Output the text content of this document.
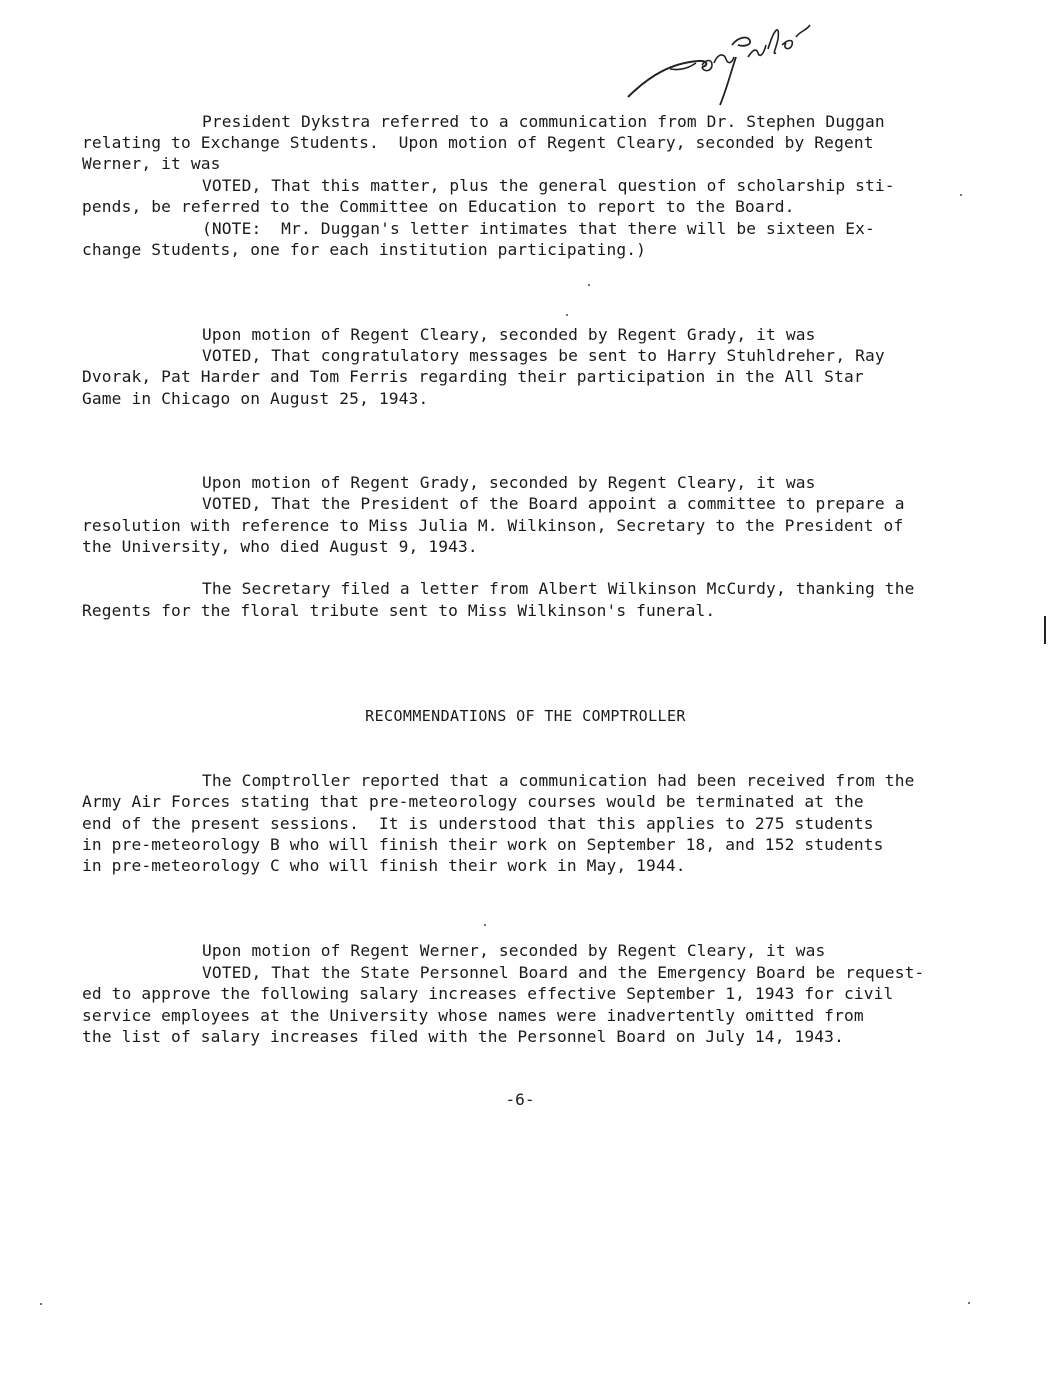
President Dykstra referred to a communication from Dr. Stephen Duggan
relating to Exchange Students.  Upon motion of Regent Cleary, seconded by Regent
Werner, it was
VOTED, That this matter, plus the general question of scholarship sti-
pends, be referred to the Committee on Education to report to the Board.
(NOTE:  Mr. Duggan's letter intimates that there will be sixteen Ex-
change Students, one for each institution participating.)
Upon motion of Regent Cleary, seconded by Regent Grady, it was
VOTED, That congratulatory messages be sent to Harry Stuhldreher, Ray
Dvorak, Pat Harder and Tom Ferris regarding their participation in the All Star
Game in Chicago on August 25, 1943.
Upon motion of Regent Grady, seconded by Regent Cleary, it was
VOTED, That the President of the Board appoint a committee to prepare a
resolution with reference to Miss Julia M. Wilkinson, Secretary to the President of
the University, who died August 9, 1943.
The Secretary filed a letter from Albert Wilkinson McCurdy, thanking the
Regents for the floral tribute sent to Miss Wilkinson's funeral.
RECOMMENDATIONS OF THE COMPTROLLER
The Comptroller reported that a communication had been received from the
Army Air Forces stating that pre-meteorology courses would be terminated at the
end of the present sessions.  It is understood that this applies to 275 students
in pre-meteorology B who will finish their work on September 18, and 152 students
in pre-meteorology C who will finish their work in May, 1944.
Upon motion of Regent Werner, seconded by Regent Cleary, it was
VOTED, That the State Personnel Board and the Emergency Board be request-
ed to approve the following salary increases effective September 1, 1943 for civil
service employees at the University whose names were inadvertently omitted from
the list of salary increases filed with the Personnel Board on July 14, 1943.
-6-
